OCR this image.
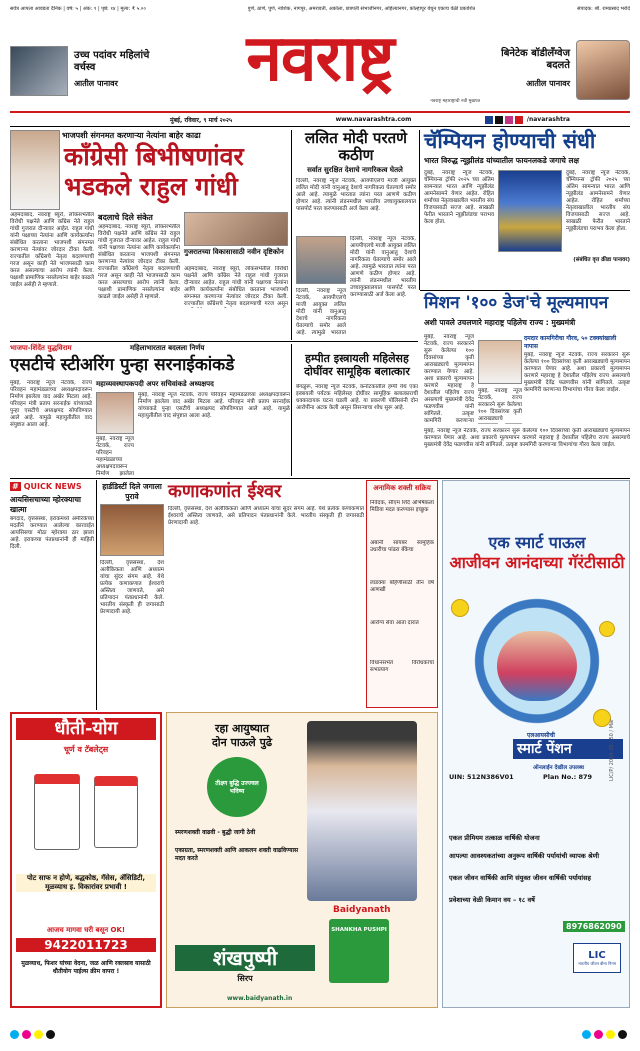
सर्वत्र आपला आवडता दैनिक | वर्ष: ५ | अंक: ९ | पृष्ठे: १४ | मूल्य: ₹ ५.००	पुणे, ठाणे, पुणे, नाशिक, नागपूर, अमरावती, अकोला, छत्रपती संभाजीनगर, अहिल्यानगर, कोल्हापूर येथून एकाच वेळी प्रकाशित	संपादक: श्री. रामप्रसाद भरोदे
उच्च पदांवर महिलांचे वर्चस्व
आतील पानावर	नवराष्ट्र
नवराष्ट्र महाराष्ट्राची नवी मुखपत्र
बिनेटेक बॉडीलॅंग्वेज बदलते
आतील पानावर
मुंबई, रविवार, ९ मार्च २०२५	www.navarashtra.com	/navarashtra
भाजपशी संगनमत करणाऱ्या नेत्यांना बाहेर काढा
काँग्रेसी बिभीषणांवर भडकले राहुल गांधी
अहमदाबाद, नवराष्ट्र ब्यूरो, लोकसभेतील विरोधी पक्षनेते आणि काँग्रेस नेते राहुल गांधी गुजरात दौऱ्यावर आहेत. राहुल गांधी यांनी पक्षाच्या नेत्यांना आणि कार्यकर्त्यांना संबोधित करताना भाजपशी संगनमत करणाऱ्या नेत्यांवर जोरदार टीका केली. राज्यातील काँग्रेसचे नेतृत्व बदलण्याची गरज असून काही नेते भाजपसाठी काम करत असल्याचा आरोप त्यांनी केला. पक्षाशी प्रामाणिक नसलेल्यांना बाहेर काढले जाईल असेही ते म्हणाले.
बदलाचे दिले संकेत
अहमदाबाद, नवराष्ट्र ब्यूरो, लोकसभेतील विरोधी पक्षनेते आणि काँग्रेस नेते राहुल गांधी गुजरात दौऱ्यावर आहेत. राहुल गांधी यांनी पक्षाच्या नेत्यांना आणि कार्यकर्त्यांना संबोधित करताना भाजपशी संगनमत करणाऱ्या नेत्यांवर जोरदार टीका केली. राज्यातील काँग्रेसचे नेतृत्व बदलण्याची गरज असून काही नेते भाजपसाठी काम करत असल्याचा आरोप त्यांनी केला. पक्षाशी प्रामाणिक नसलेल्यांना बाहेर काढले जाईल असेही ते म्हणाले.
गुजरातच्या विकासासाठी नवीन दृष्टिकोन
अहमदाबाद, नवराष्ट्र ब्यूरो, लोकसभेतील विरोधी पक्षनेते आणि काँग्रेस नेते राहुल गांधी गुजरात दौऱ्यावर आहेत. राहुल गांधी यांनी पक्षाच्या नेत्यांना आणि कार्यकर्त्यांना संबोधित करताना भाजपशी संगनमत करणाऱ्या नेत्यांवर जोरदार टीका केली. राज्यातील काँग्रेसचे नेतृत्व बदलण्याची गरज असून
ललित मोदी परतणे कठीण
सर्वात सुरक्षित देशाचे नागरिकत्व घेतले
दिल्ली, नवराष्ट्र न्यूज नेटवर्क, आयपीएलचे माजी आयुक्त ललित मोदी यांनी वानुआतु देशाचे नागरिकत्व घेतल्याचे समोर आले आहे. त्यामुळे भारतात त्यांना परत आणणे कठीण होणार आहे. त्यांनी लंडनमधील भारतीय उच्चायुक्तालयात पासपोर्ट परत करण्यासाठी अर्ज केला आहे.
दिल्ली, नवराष्ट्र न्यूज नेटवर्क, आयपीएलचे माजी आयुक्त ललित मोदी यांनी वानुआतु देशाचे नागरिकत्व घेतल्याचे समोर आले आहे. त्यामुळे भारतात त्यांना परत आणणे कठीण होणार आहे. त्यांनी लंडनमधील भारतीय उच्चायुक्तालयात पासपोर्ट परत करण्यासाठी अर्ज केला आहे.
दिल्ली, नवराष्ट्र न्यूज नेटवर्क, आयपीएलचे माजी आयुक्त ललित मोदी यांनी वानुआतु देशाचे नागरिकत्व घेतल्याचे समोर आले आहे. त्यामुळे भारतात
चॅम्पियन होण्याची संधी
भारत विरुद्ध न्यूझीलंड यांच्यातील फायनलकडे जगाचे लक्ष
दुबई, नवराष्ट्र न्यूज नेटवर्क, चॅम्पियन्स ट्रॉफी २०२५ च्या अंतिम सामन्यात भारत आणि न्यूझीलंड आमनेसामने येणार आहेत. रोहित शर्माच्या नेतृत्वाखालील भारतीय संघ विजयासाठी सज्ज आहे. साखळी फेरीत भारताने न्यूझीलंडचा पराभव केला होता.
दुबई, नवराष्ट्र न्यूज नेटवर्क, चॅम्पियन्स ट्रॉफी २०२५ च्या अंतिम सामन्यात भारत आणि न्यूझीलंड आमनेसामने येणार आहेत. रोहित शर्माच्या नेतृत्वाखालील भारतीय संघ विजयासाठी सज्ज आहे. साखळी फेरीत भारताने न्यूझीलंडचा पराभव केला होता.
(संबंधित वृत्त क्रीडा पानावर)
मिशन '१०० डेज'चे मूल्यमापन
अशी पावले उचलणारे महाराष्ट्र पहिलेच राज्य : मुख्यमंत्री
दमदार कामगिरीचा गौरव, ५० टक्क्यांखाली नापास
मुंबई, नवराष्ट्र न्यूज नेटवर्क, राज्य सरकारने सुरू केलेल्या १०० दिवसांच्या कृती आराखड्याचे मूल्यमापन करण्यात येणार आहे. अशा प्रकारचे मूल्यमापन करणारे महाराष्ट्र हे देशातील पहिलेच राज्य असल्याचे मुख्यमंत्री देवेंद्र फडणवीस यांनी सांगितले. उत्कृष्ट कामगिरी करणाऱ्या
मुंबई, नवराष्ट्र न्यूज नेटवर्क, राज्य सरकारने सुरू केलेल्या १०० दिवसांच्या कृती आराखड्याचे मूल्यमापन करण्यात येणार आहे. अशा प्रकारचे मूल्यमापन करणारे महाराष्ट्र हे देशातील पहिलेच राज्य असल्याचे मुख्यमंत्री देवेंद्र फडणवीस यांनी सांगितले. उत्कृष्ट कामगिरी करणाऱ्या विभागांचा गौरव केला जाईल.
मुंबई, नवराष्ट्र न्यूज नेटवर्क, राज्य सरकारने सुरू केलेल्या १०० दिवसांच्या कृती आराखड्याचे
भाजपा-शिंदेंत युद्धविराम	महिलाभारतात बदलला निर्णय
एसटीचे स्टीअरिंग पुन्हा सरनाईकांकडे	हम्पीत इस्त्रायली महिलेसह दोघींवर सामूहिक बलात्कार
मुंबई, नवराष्ट्र न्यूज नेटवर्क, राज्य परिवहन महामंडळाच्या अध्यक्षपदावरून निर्माण झालेला वाद अखेर मिटला आहे. परिवहन मंत्री प्रताप सरनाईक यांच्याकडे पुन्हा एसटीचे अध्यक्षपद सोपविण्यात आले आहे. यामुळे महायुतीतील वाद संपुष्टात आला आहे.
महाव्यवस्थापकपदी अपर सचिवांकडे अध्यक्षपद
मुंबई, नवराष्ट्र न्यूज नेटवर्क, राज्य परिवहन महामंडळाच्या अध्यक्षपदावरून निर्माण झालेला वाद अखेर मिटला आहे. परिवहन मंत्री प्रताप सरनाईक यांच्याकडे पुन्हा एसटीचे अध्यक्षपद सोपविण्यात आले आहे. यामुळे महायुतीतील वाद संपुष्टात आला आहे.
मुंबई, नवराष्ट्र न्यूज नेटवर्क, राज्य परिवहन महामंडळाच्या अध्यक्षपदावरून निर्माण झालेला
बेंगळुरू, नवराष्ट्र न्यूज नेटवर्क, कर्नाटकातील हम्पी येथे एका इस्त्रायली पर्यटक महिलेसह दोघींवर सामूहिक बलात्काराची धक्कादायक घटना घडली आहे. या प्रकरणी पोलिसांनी दोन आरोपींना अटक केली असून तिसऱ्याचा शोध सुरू आहे.
मुंबई, नवराष्ट्र न्यूज नेटवर्क, राज्य सरकारने सुरू केलेल्या १०० दिवसांच्या कृती आराखड्याचे मूल्यमापन करण्यात येणार आहे. अशा प्रकारचे मूल्यमापन करणारे महाराष्ट्र हे देशातील पहिलेच राज्य असल्याचे मुख्यमंत्री देवेंद्र फडणवीस यांनी सांगितले. उत्कृष्ट कामगिरी करणाऱ्या विभागांचा गौरव केला जाईल.
# QUICK NEWS
आयसिसचाच्या म्होरक्याचा खात्मा
बगदाद, वृत्तसंस्था, इराकमध्ये अमेरिकेच्या मदतीने करण्यात आलेल्या कारवाईत आयसिसचा मोठा म्होरक्या ठार झाला आहे. इराकच्या पंतप्रधानांनी ही माहिती दिली.
हार्डडिस्टीं दिले जगाला पुरावे	कणाकणांत ईश्वर
दिल्ली, वृत्तसंस्था, देश अलौकिकता आणि अध्यात्म यांचा सुंदर संगम आहे. येथे प्रत्येक कणाकणात ईश्वराचे अस्तित्व जाणवते, असे प्रतिपादन पंतप्रधानांनी केले. भारतीय संस्कृती ही जगासाठी प्रेरणादायी आहे.
दिल्ली, वृत्तसंस्था, देश अलौकिकता आणि अध्यात्म यांचा सुंदर संगम आहे. येथे प्रत्येक कणाकणात ईश्वराचे अस्तित्व जाणवते, असे प्रतिपादन पंतप्रधानांनी केले. भारतीय संस्कृती ही जगासाठी प्रेरणादायी आहे.
अनामिक शक्ती सक्रिय
निवेदक, सीएम शिंदे अभिषेकला मिडिया मदत करण्यास इच्छुक
अंबानी सायबर सामूहिक उधारीचा पांढरा बँकेचा
लाडक्या बहिणीसाठी तीन वर्षे आणखी
आरोग्य सेवा आता दारात
विधानसभेत विरोधकांचा सभात्याग
एक स्मार्ट पाऊल
आजीवन आनंदाच्या गॅरंटीसाठी
UIN: 512N386V01	Plan No.: 879
एलआयसीची
स्मार्ट पेंशन
ऑनलाईन देखील उपलब्ध
एकल प्रीमियम तत्काळ वार्षिकी योजना
आपल्या आवश्यकतांच्या अनुरूप वार्षिकी पर्यायांची व्यापक श्रेणी
एकल जीवन वार्षिकी आणि संयुक्त जीवन वार्षिकी पर्यायांसह
प्रवेशाच्या वेळी किमान वय – १८ वर्षे
8976862090
LIC
भारतीय जीवन बीमा निगम
LIC/P/ 2024-25 / 50 / Mar
धौती-योग
चूर्ण व टॅबलेट्स
पोट साफ न होणे, बद्धकोष्ठ, गॅसेस, ॲसिडिटी, मूळव्याध इ. विकारांवर प्रभावी !
आजच मागवा घरी बसून OK!
9422011723
मुळव्याध, फिशर यांच्या वेदना, जळ आणि रक्तस्राव यासाठी धौतीयोग पाईल्स क्रीम वापरा !
रहा आयुष्यात
दोन पाऊले पुढे
तीक्ष्ण बुद्धि उज्ज्वल भविष्य
स्मरणशक्ती वाढवी - बुद्धी जागी ठेवी
एकाग्रता, स्मरणशक्ती आणि आकलन शक्ती वाढविण्यास मदत करते
Baidyanath
SHANKHA PUSHPI
शंखपुष्पी
सिरप
www.baidyanath.in
